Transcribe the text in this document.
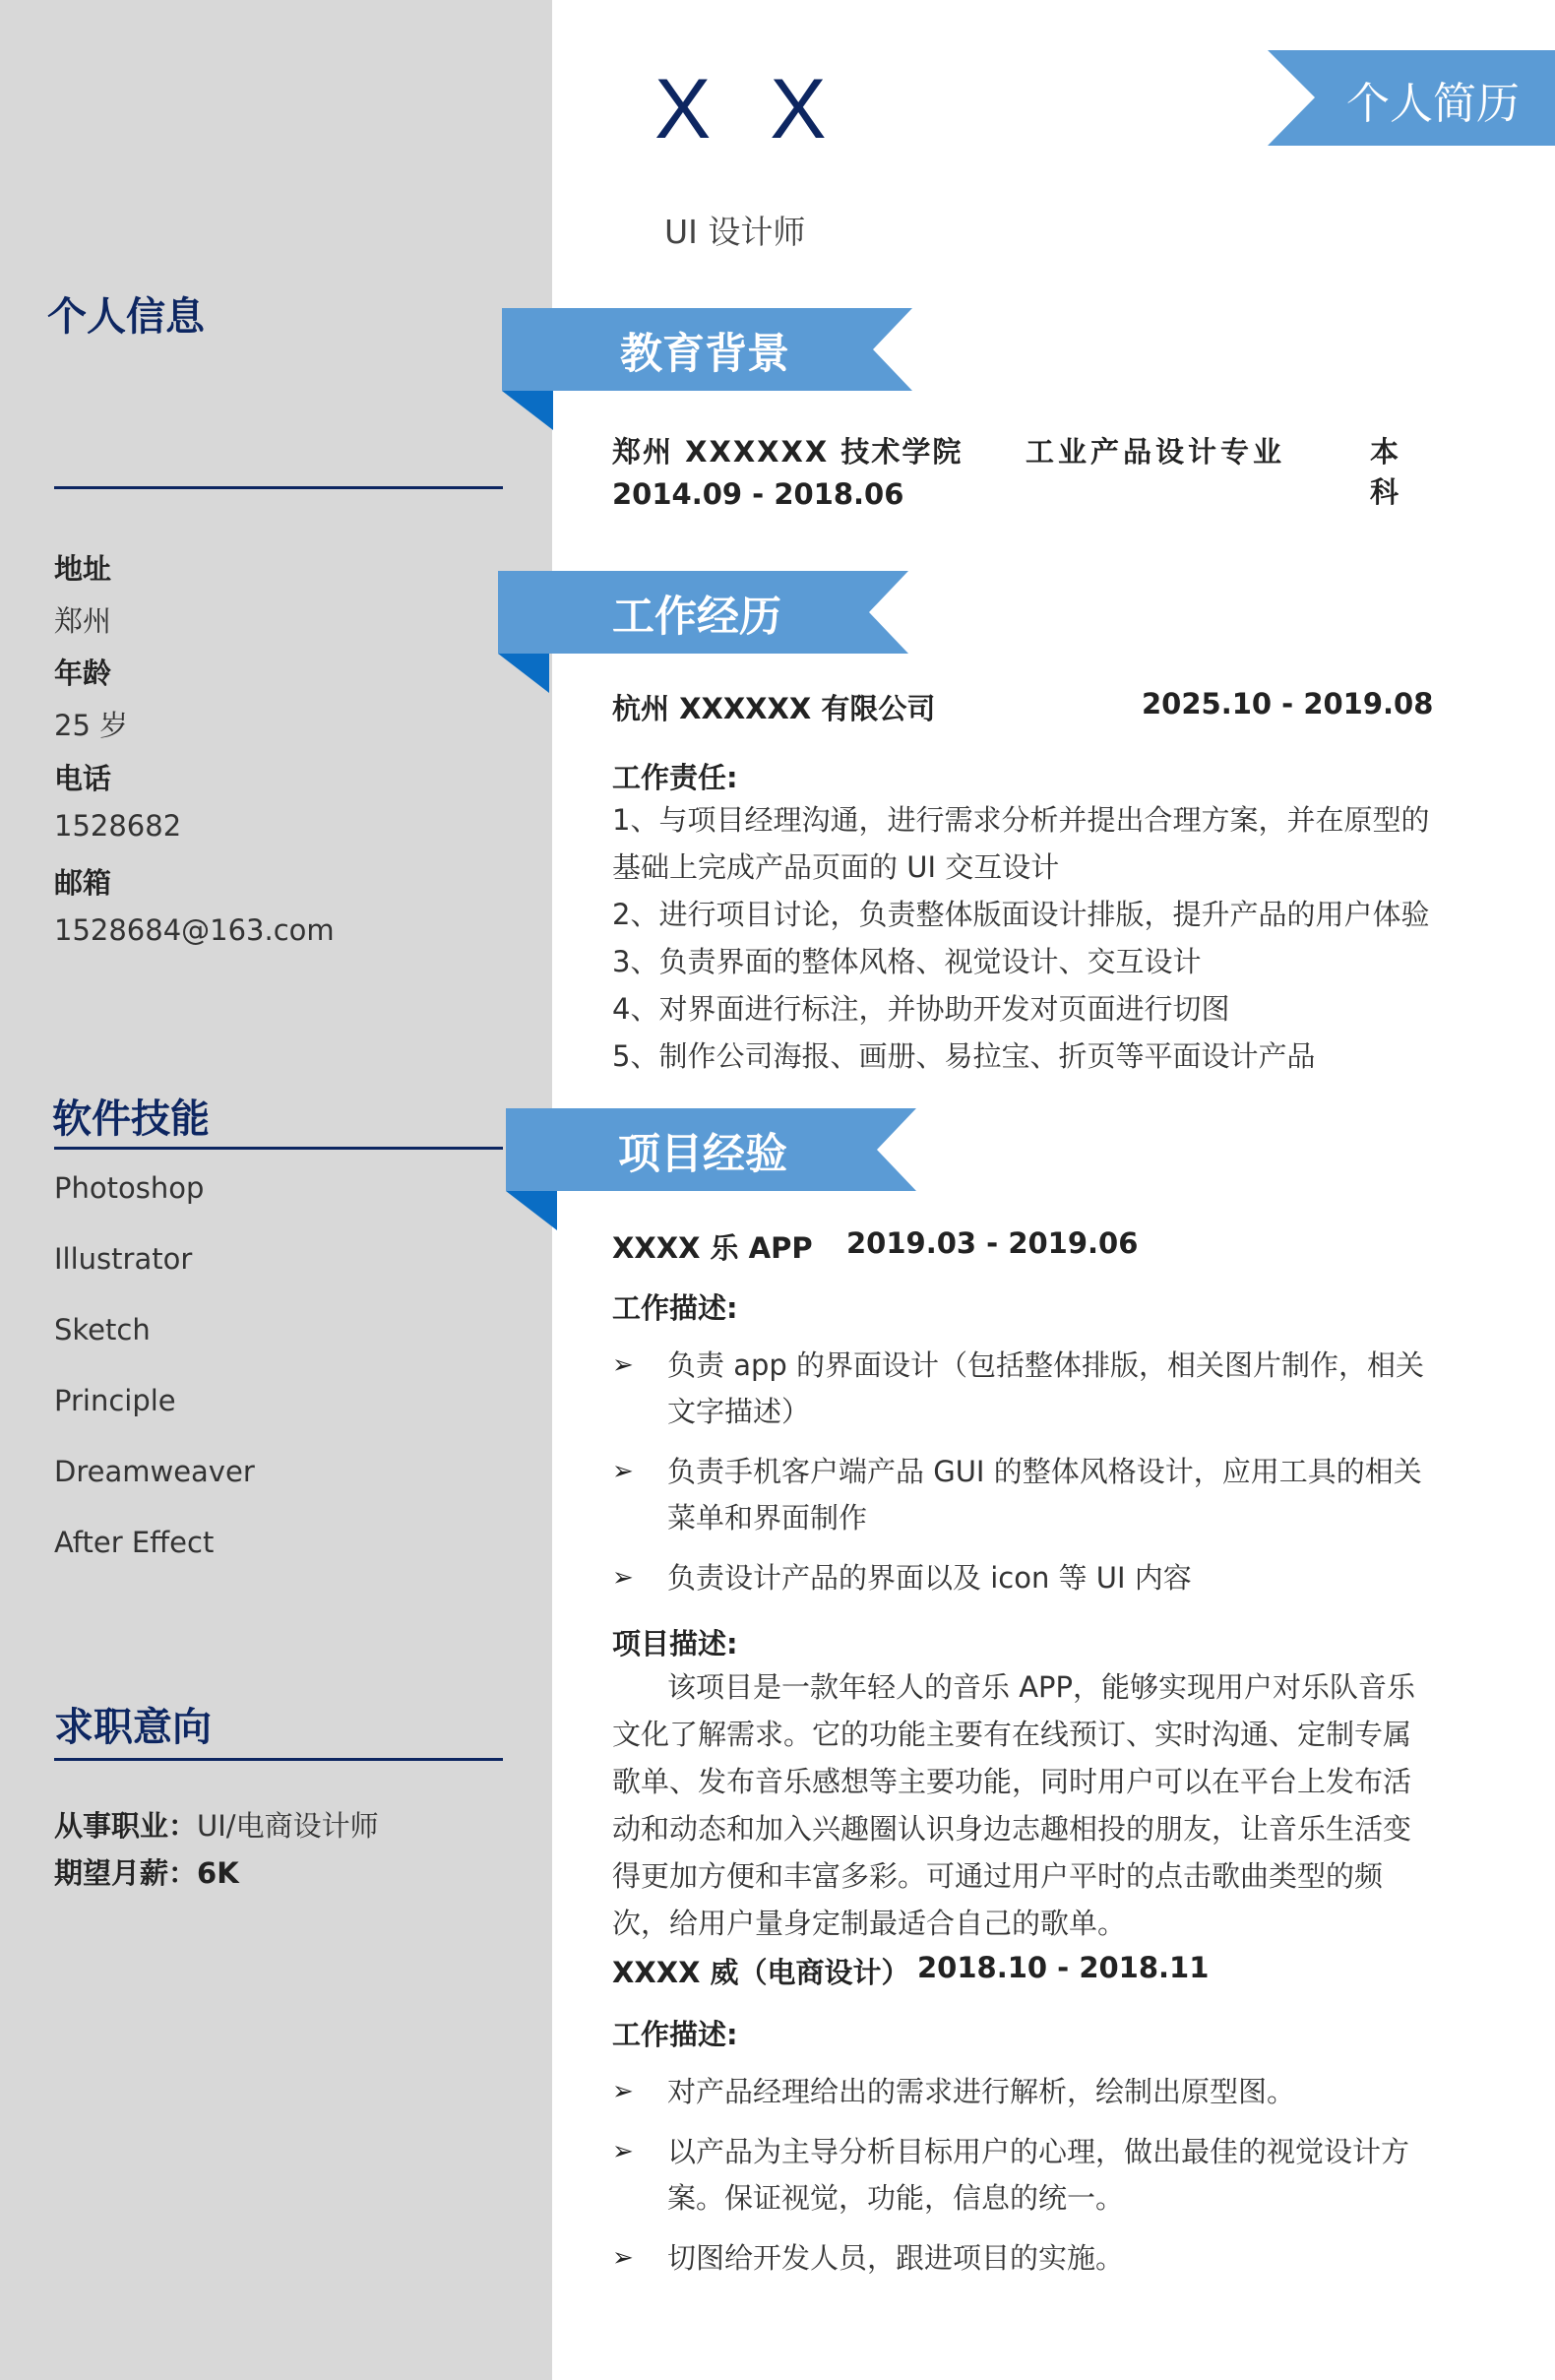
X X
UI 设计师
个人简历
个人信息
地址
郑州
年龄
25 岁
电话
1528682
邮箱
1528684@163.com
软件技能
Photoshop
Illustrator
Sketch
Principle
Dreamweaver
After Effect
求职意向
从事职业：UI/电商设计师
期望月薪：6K
教育背景
郑州 XXXXXX 技术学院 工业产品设计专业	本科
2014.09 - 2018.06
工作经历
杭州 XXXXXX 有限公司	2025.10 - 2019.08
工作责任:
1、与项目经理沟通，进行需求分析并提出合理方案，并在原型的基础上完成产品页面的 UI 交互设计
2、进行项目讨论，负责整体版面设计排版，提升产品的用户体验
3、负责界面的整体风格、视觉设计、交互设计
4、对界面进行标注，并协助开发对页面进行切图
5、制作公司海报、画册、易拉宝、折页等平面设计产品
项目经验
XXXX 乐 APP 2019.03 - 2019.06
工作描述:
➢ 负责 app 的界面设计（包括整体排版，相关图片制作，相关文字描述）
➢ 负责手机客户端产品 GUI 的整体风格设计，应用工具的相关菜单和界面制作
➢ 负责设计产品的界面以及 icon 等 UI 内容
项目描述:
该项目是一款年轻人的音乐 APP，能够实现用户对乐队音乐文化了解需求。它的功能主要有在线预订、实时沟通、定制专属歌单、发布音乐感想等主要功能，同时用户可以在平台上发布活动和动态和加入兴趣圈认识身边志趣相投的朋友，让音乐生活变得更加方便和丰富多彩。可通过用户平时的点击歌曲类型的频次，给用户量身定制最适合自己的歌单。
XXXX 威（电商设计） 2018.10 - 2018.11
工作描述:
➢ 对产品经理给出的需求进行解析，绘制出原型图。
➢ 以产品为主导分析目标用户的心理，做出最佳的视觉设计方案。保证视觉，功能，信息的统一。
➢ 切图给开发人员，跟进项目的实施。
